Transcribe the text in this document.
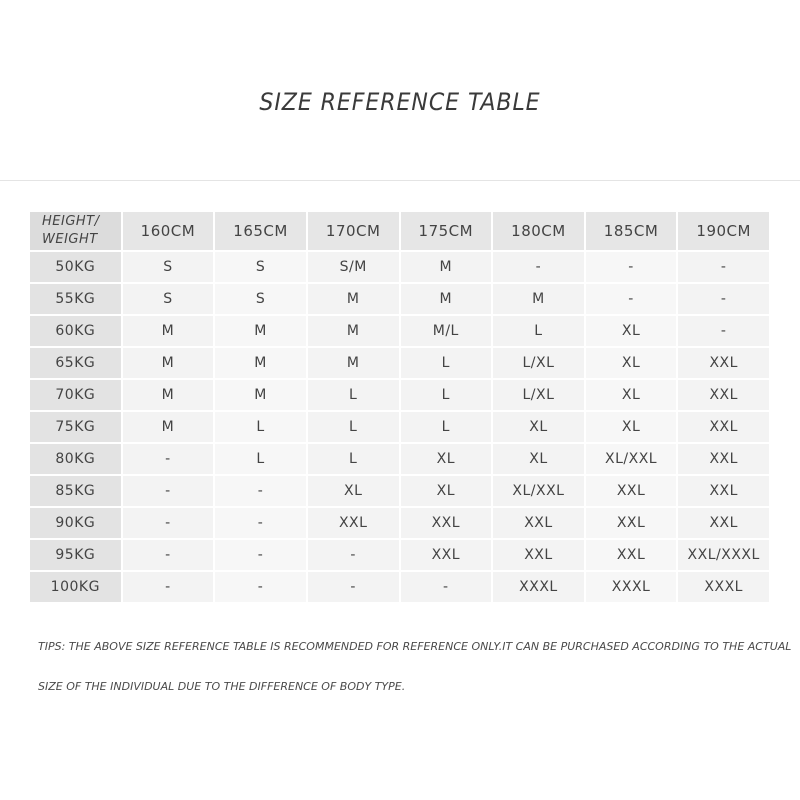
SIZE REFERENCE TABLE
HEIGHT/
WEIGHT	160CM	165CM	170CM	175CM	180CM	185CM	190CM
50KG	S	S	S/M	M	-	-	-
55KG	S	S	M	M	M	-	-
60KG	M	M	M	M/L	L	XL	-
65KG	M	M	M	L	L/XL	XL	XXL
70KG	M	M	L	L	L/XL	XL	XXL
75KG	M	L	L	L	XL	XL	XXL
80KG	-	L	L	XL	XL	XL/XXL	XXL
85KG	-	-	XL	XL	XL/XXL	XXL	XXL
90KG	-	-	XXL	XXL	XXL	XXL	XXL
95KG	-	-	-	XXL	XXL	XXL	XXL/XXXL
100KG	-	-	-	-	XXXL	XXXL	XXXL
TIPS: THE ABOVE SIZE REFERENCE TABLE IS RECOMMENDED FOR REFERENCE ONLY.IT CAN BE PURCHASED ACCORDING TO THE ACTUAL
SIZE OF THE INDIVIDUAL DUE TO THE DIFFERENCE OF BODY TYPE.
